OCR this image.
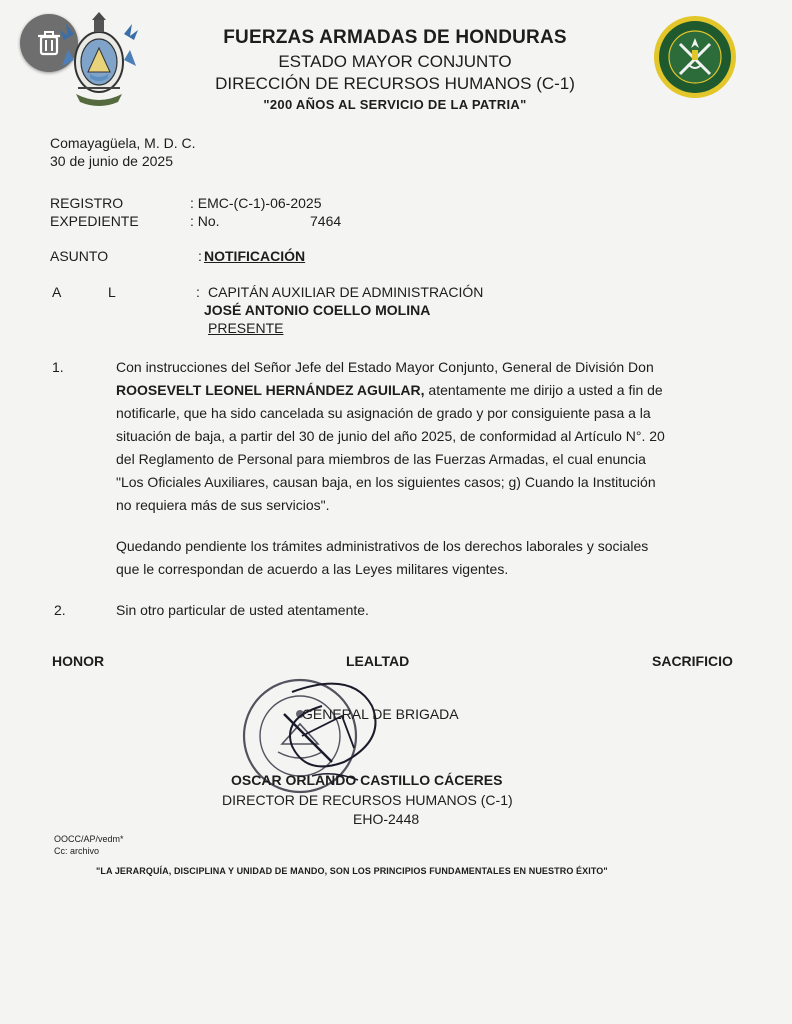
FUERZAS ARMADAS DE HONDURAS
ESTADO MAYOR CONJUNTO
DIRECCIÓN DE RECURSOS HUMANOS (C-1)
"200 AÑOS AL SERVICIO DE LA PATRIA"
Comayagüela, M. D. C.
30 de junio de 2025
REGISTRO	: EMC-(C-1)-06-2025
EXPEDIENTE	: No.	7464
ASUNTO	: NOTIFICACIÓN
A	L	: CAPITÁN AUXILIAR DE ADMINISTRACIÓN
JOSÉ ANTONIO COELLO MOLINA
PRESENTE
1.	Con instrucciones del Señor Jefe del Estado Mayor Conjunto, General de División Don
ROOSEVELT LEONEL HERNÁNDEZ AGUILAR, atentamente me dirijo a usted a fin de
notificarle, que ha sido cancelada su asignación de grado y por consiguiente pasa a la
situación de baja, a partir del 30 de junio del año 2025, de conformidad al Artículo N°. 20
del Reglamento de Personal para miembros de las Fuerzas Armadas, el cual enuncia
"Los Oficiales Auxiliares, causan baja, en los siguientes casos; g) Cuando la Institución
no requiera más de sus servicios".
Quedando pendiente los trámites administrativos de los derechos laborales y sociales
que le correspondan de acuerdo a las Leyes militares vigentes.
2.	Sin otro particular de usted atentamente.
HONOR	LEALTAD	SACRIFICIO
GENERAL DE BRIGADA
OSCAR ORLANDO CASTILLO CÁCERES
DIRECTOR DE RECURSOS HUMANOS (C-1)
EHO-2448
OOCC/AP/vedm*
Cc: archivo
"LA JERARQUÍA, DISCIPLINA Y UNIDAD DE MANDO, SON LOS PRINCIPIOS FUNDAMENTALES EN NUESTRO ÉXITO"
